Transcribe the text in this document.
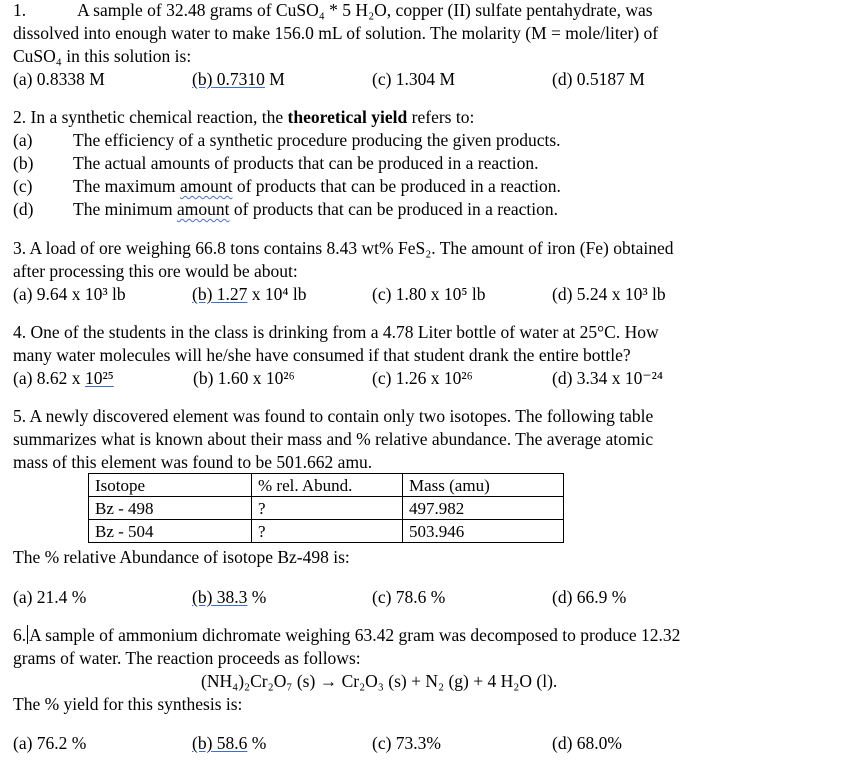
1.	A sample of 32.48 grams of CuSO₄ * 5 H₂O, copper (II) sulfate pentahydrate, was
dissolved into enough water to make 156.0 mL of solution. The molarity (M = mole/liter) of
CuSO₄ in this solution is:
(a) 0.8338 M	(b) 0.7310 M	(c) 1.304 M	(d) 0.5187 M
2. In a synthetic chemical reaction, the theoretical yield refers to:
(a) The efficiency of a synthetic procedure producing the given products.
(b) The actual amounts of products that can be produced in a reaction.
(c) The maximum amount of products that can be produced in a reaction.
(d) The minimum amount of products that can be produced in a reaction.
3. A load of ore weighing 66.8 tons contains 8.43 wt% FeS₂. The amount of iron (Fe) obtained
after processing this ore would be about:
(a) 9.64 x 10³ lb	(b) 1.27 x 10⁴ lb	(c) 1.80 x 10⁵ lb	(d) 5.24 x 10³ lb
4. One of the students in the class is drinking from a 4.78 Liter bottle of water at 25°C. How
many water molecules will he/she have consumed if that student drank the entire bottle?
(a) 8.62 x 10²⁵	(b) 1.60 x 10²⁶	(c) 1.26 x 10²⁶	(d) 3.34 x 10⁻²⁴
5. A newly discovered element was found to contain only two isotopes. The following table
summarizes what is known about their mass and % relative abundance. The average atomic
mass of this element was found to be 501.662 amu.
Isotope	% rel. Abund.	Mass (amu)
Bz - 498	?	497.982
Bz - 504	?	503.946
The % relative Abundance of isotope Bz-498 is:
(a) 21.4 %	(b) 38.3 %	(c) 78.6 %	(d) 66.9 %
6. A sample of ammonium dichromate weighing 63.42 gram was decomposed to produce 12.32
grams of water. The reaction proceeds as follows:
(NH₄)₂Cr₂O₇ (s) → Cr₂O₃ (s) + N₂ (g) + 4 H₂O (l).
The % yield for this synthesis is:
(a) 76.2 %	(b) 58.6 %	(c) 73.3%	(d) 68.0%
